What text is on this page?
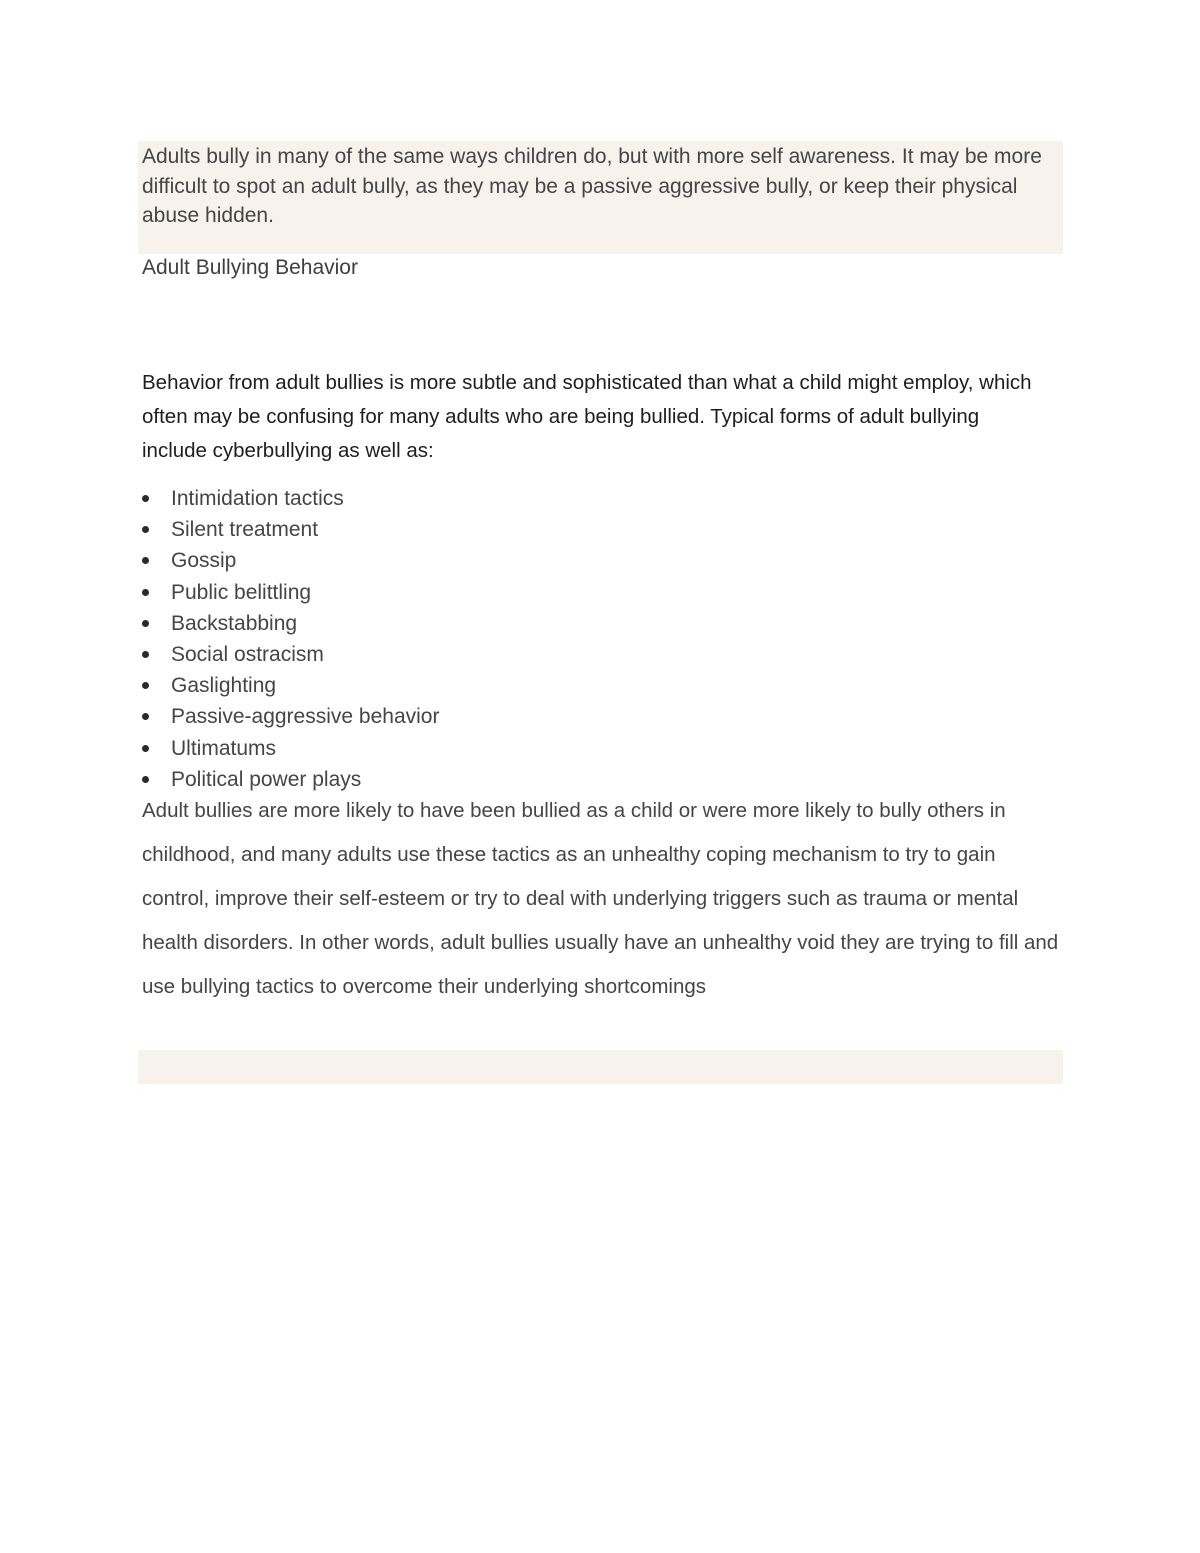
Adults bully in many of the same ways children do, but with more self awareness. It may be more difficult to spot an adult bully, as they may be a passive aggressive bully, or keep their physical abuse hidden.

Adult Bullying Behavior

Behavior from adult bullies is more subtle and sophisticated than what a child might employ, which often may be confusing for many adults who are being bullied. Typical forms of adult bullying include cyberbullying as well as:

Intimidation tactics
Silent treatment
Gossip
Public belittling
Backstabbing
Social ostracism
Gaslighting
Passive-aggressive behavior
Ultimatums
Political power plays

Adult bullies are more likely to have been bullied as a child or were more likely to bully others in childhood, and many adults use these tactics as an unhealthy coping mechanism to try to gain control, improve their self-esteem or try to deal with underlying triggers such as trauma or mental health disorders. In other words, adult bullies usually have an unhealthy void they are trying to fill and use bullying tactics to overcome their underlying shortcomings
